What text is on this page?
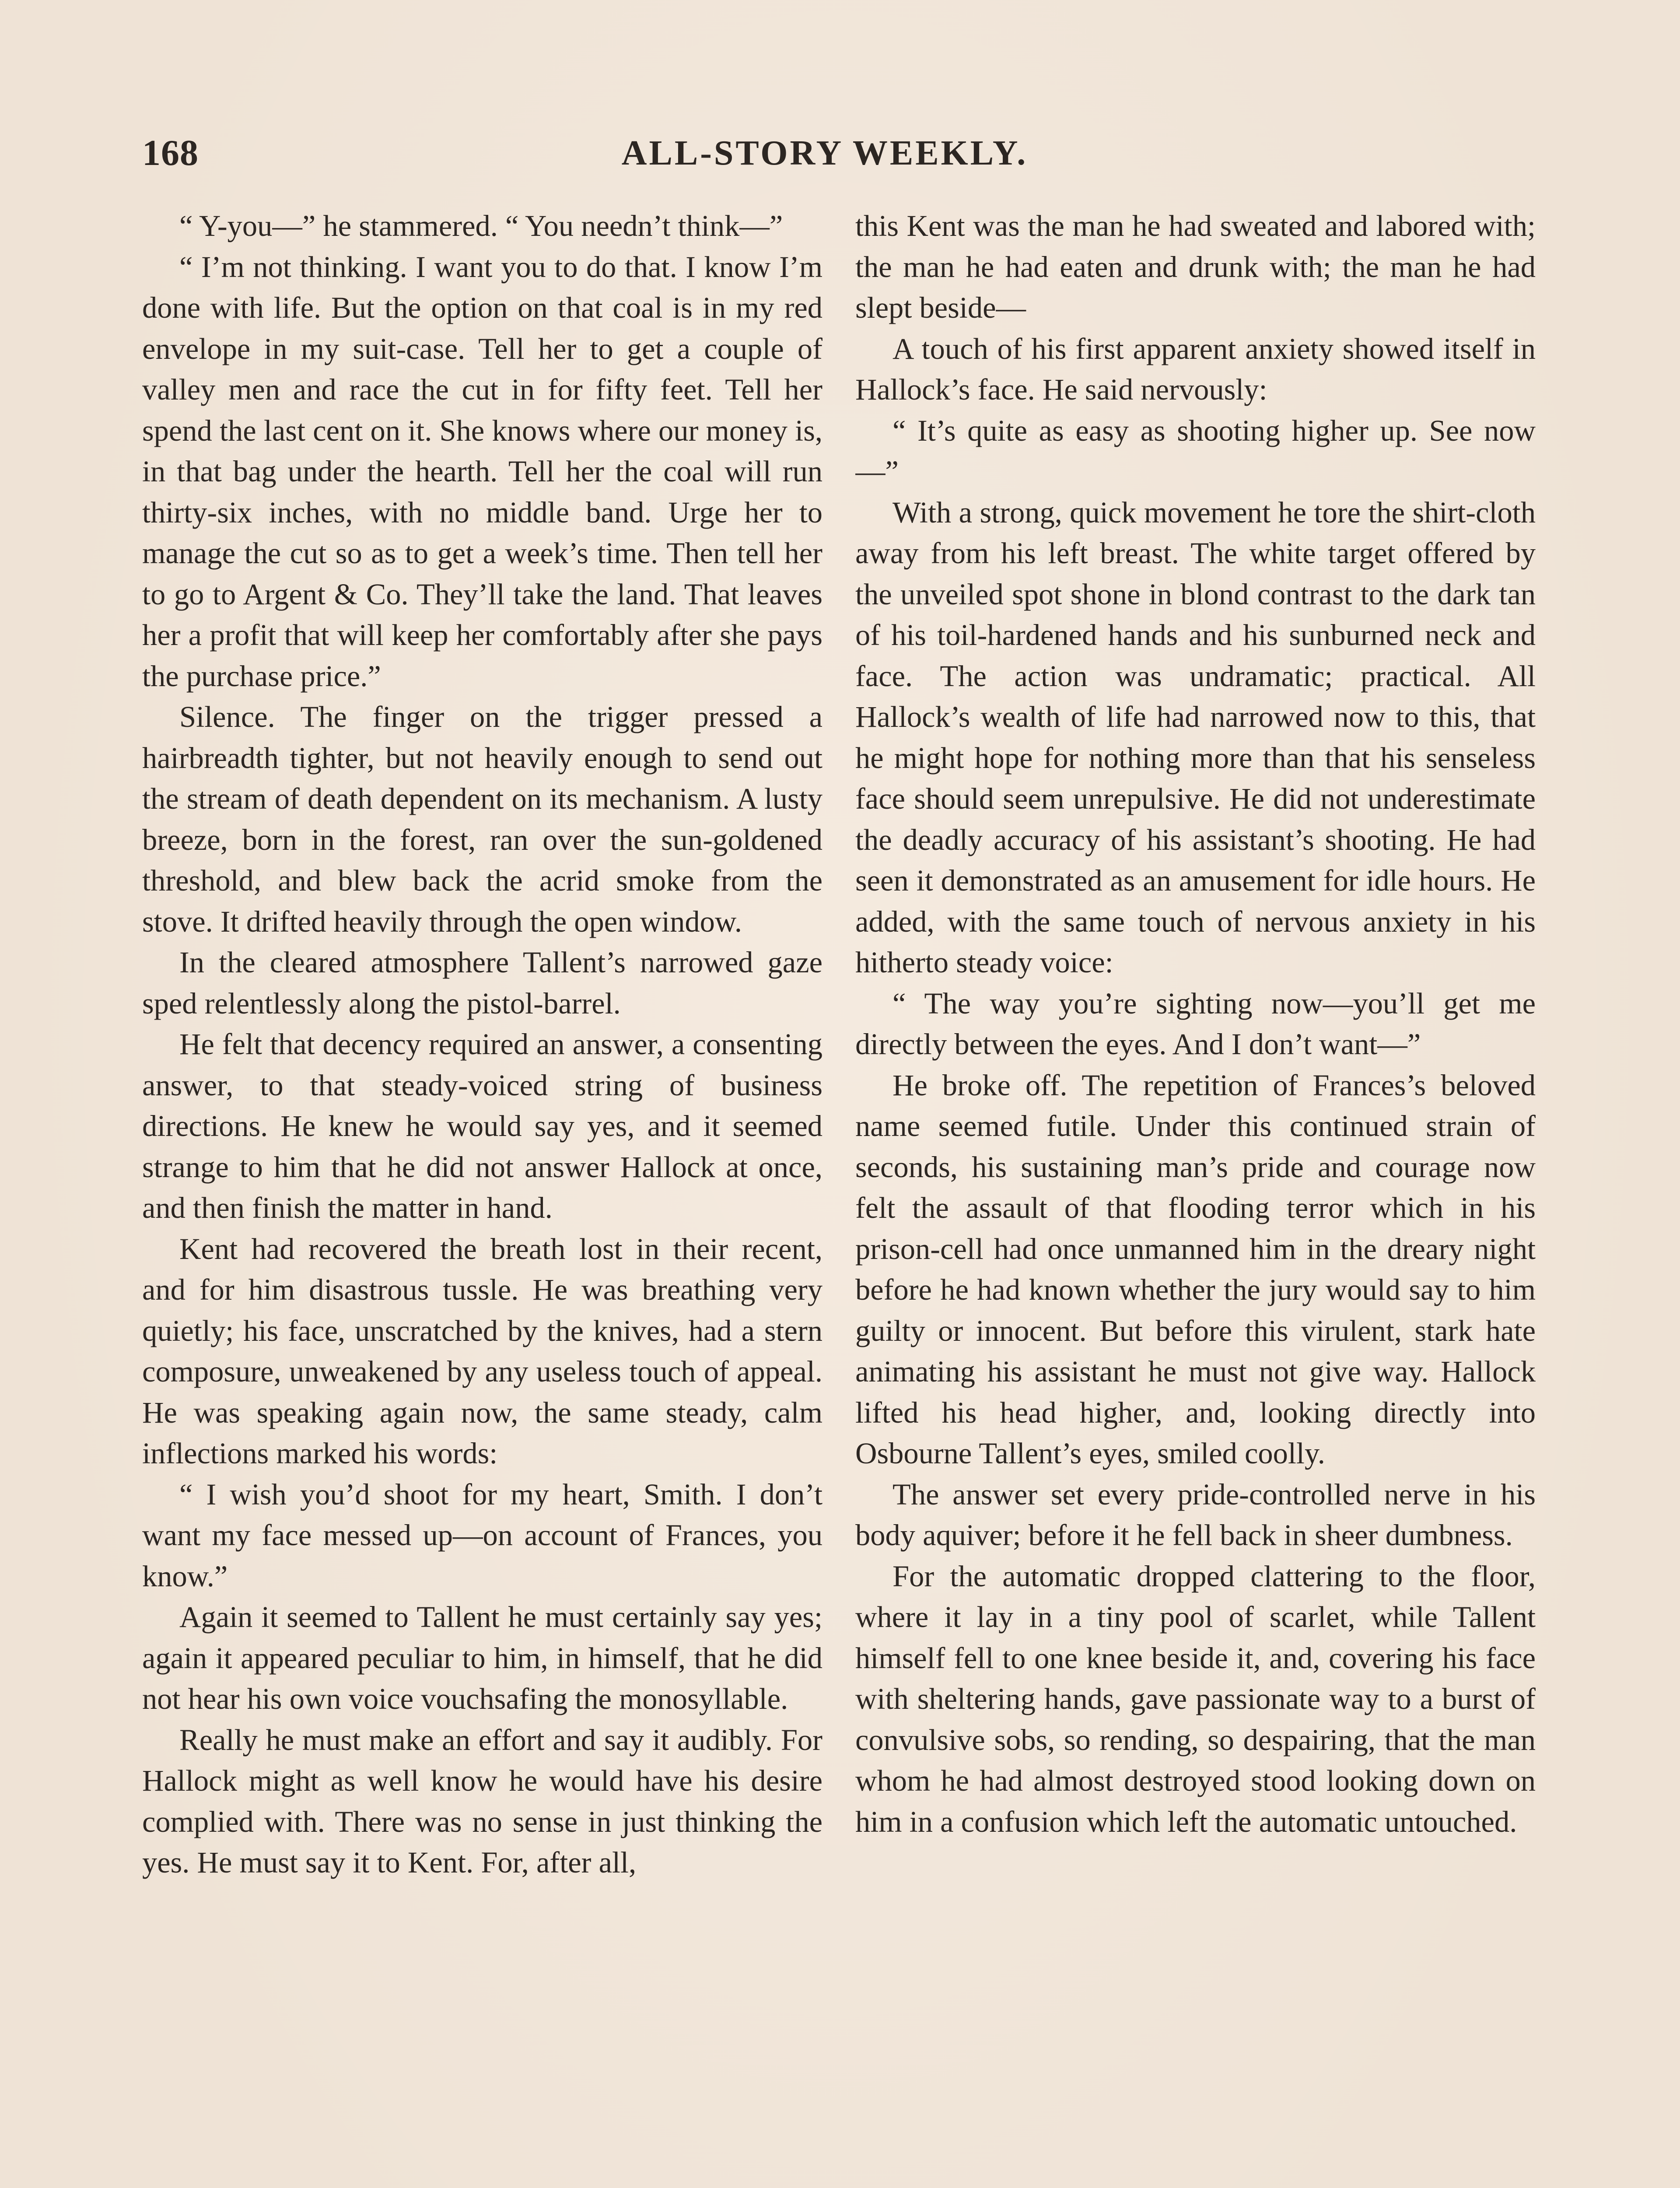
168	ALL-STORY WEEKLY.

“ Y-you—” he stammered. “ You needn’t think—”

“ I’m not thinking. I want you to do that. I know I’m done with life. But the option on that coal is in my red envelope in my suit-case. Tell her to get a couple of valley men and race the cut in for fifty feet. Tell her spend the last cent on it. She knows where our money is, in that bag under the hearth. Tell her the coal will run thirty-six inches, with no middle band. Urge her to manage the cut so as to get a week’s time. Then tell her to go to Argent & Co. They’ll take the land. That leaves her a profit that will keep her comfortably after she pays the purchase price.”

Silence. The finger on the trigger pressed a hairbreadth tighter, but not heavily enough to send out the stream of death dependent on its mechanism. A lusty breeze, born in the forest, ran over the sun-goldened threshold, and blew back the acrid smoke from the stove. It drifted heavily through the open window.

In the cleared atmosphere Tallent’s narrowed gaze sped relentlessly along the pistol-barrel.

He felt that decency required an answer, a consenting answer, to that steady-voiced string of business directions. He knew he would say yes, and it seemed strange to him that he did not answer Hallock at once, and then finish the matter in hand.

Kent had recovered the breath lost in their recent, and for him disastrous tussle. He was breathing very quietly; his face, unscratched by the knives, had a stern composure, unweakened by any useless touch of appeal. He was speaking again now, the same steady, calm inflections marked his words:

“ I wish you’d shoot for my heart, Smith. I don’t want my face messed up—on account of Frances, you know.”

Again it seemed to Tallent he must certainly say yes; again it appeared peculiar to him, in himself, that he did not hear his own voice vouchsafing the monosyllable.

Really he must make an effort and say it audibly. For Hallock might as well know he would have his desire complied with. There was no sense in just thinking the yes. He must say it to Kent. For, after all,

this Kent was the man he had sweated and labored with; the man he had eaten and drunk with; the man he had slept beside—

A touch of his first apparent anxiety showed itself in Hallock’s face. He said nervously:

“ It’s quite as easy as shooting higher up. See now—”

With a strong, quick movement he tore the shirt-cloth away from his left breast. The white target offered by the unveiled spot shone in blond contrast to the dark tan of his toil-hardened hands and his sunburned neck and face. The action was undramatic; practical. All Hallock’s wealth of life had narrowed now to this, that he might hope for nothing more than that his senseless face should seem unrepulsive. He did not underestimate the deadly accuracy of his assistant’s shooting. He had seen it demonstrated as an amusement for idle hours. He added, with the same touch of nervous anxiety in his hitherto steady voice:

“ The way you’re sighting now—you’ll get me directly between the eyes. And I don’t want—”

He broke off. The repetition of Frances’s beloved name seemed futile. Under this continued strain of seconds, his sustaining man’s pride and courage now felt the assault of that flooding terror which in his prison-cell had once unmanned him in the dreary night before he had known whether the jury would say to him guilty or innocent. But before this virulent, stark hate animating his assistant he must not give way. Hallock lifted his head higher, and, looking directly into Osbourne Tallent’s eyes, smiled coolly.

The answer set every pride-controlled nerve in his body aquiver; before it he fell back in sheer dumbness.

For the automatic dropped clattering to the floor, where it lay in a tiny pool of scarlet, while Tallent himself fell to one knee beside it, and, covering his face with sheltering hands, gave passionate way to a burst of convulsive sobs, so rending, so despairing, that the man whom he had almost destroyed stood looking down on him in a confusion which left the automatic untouched.
